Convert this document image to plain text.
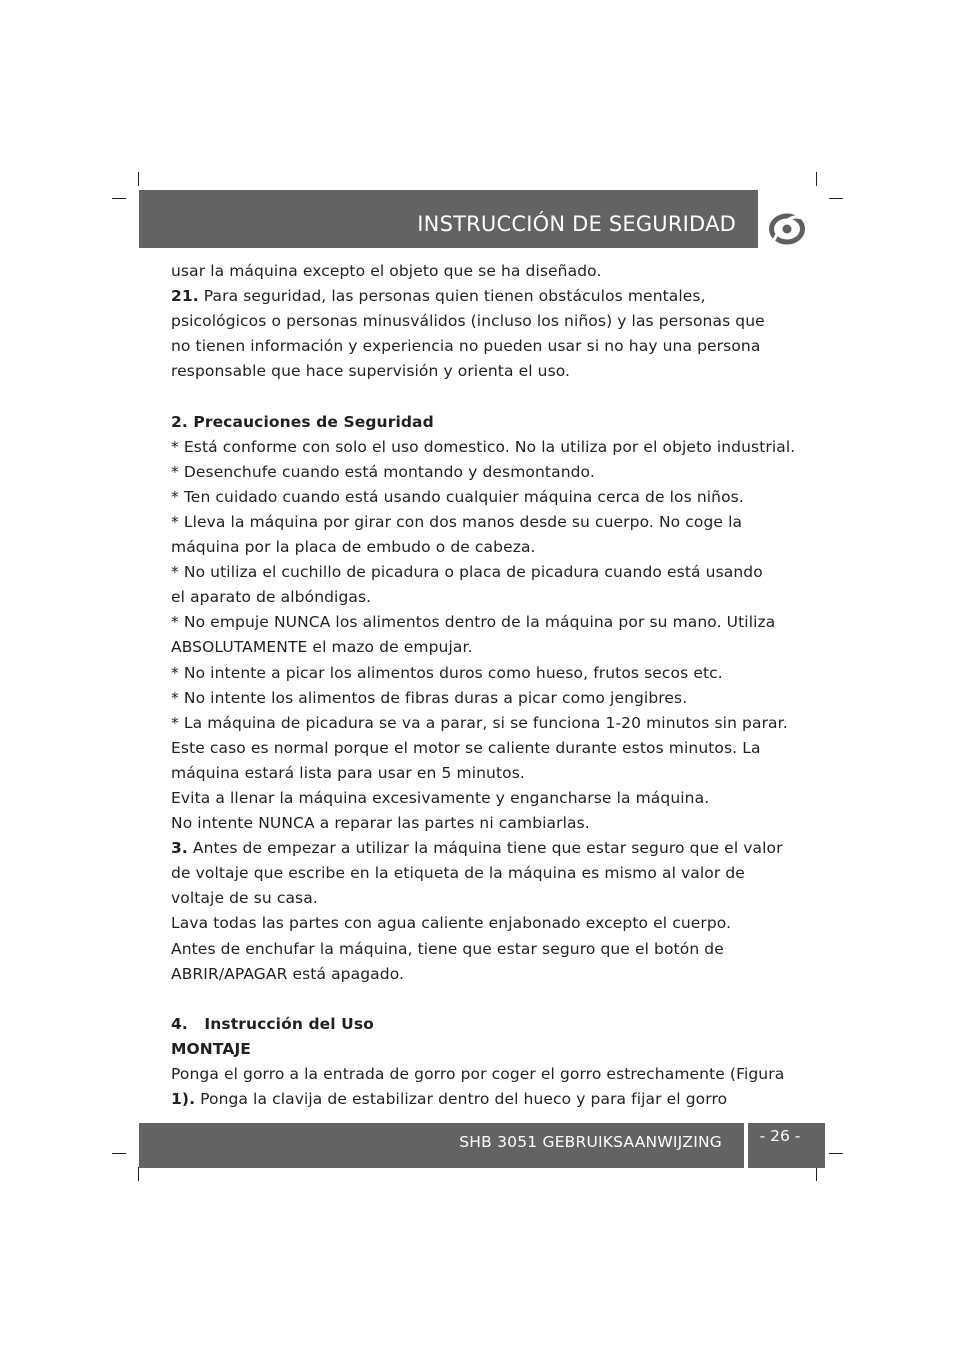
INSTRUCCIÓN DE SEGURIDAD

usar la máquina excepto el objeto que se ha diseñado.

21. Para seguridad, las personas quien tienen obstáculos mentales,

psicológicos o personas minusválidos (incluso los niños) y las personas que

no tienen información y experiencia no pueden usar si no hay una persona

responsable que hace supervisión y orienta el uso.

2. Precauciones de Seguridad

* Está conforme con solo el uso domestico. No la utiliza por el objeto industrial.

* Desenchufe cuando está montando y desmontando.

* Ten cuidado cuando está usando cualquier máquina cerca de los niños.

* Lleva la máquina por girar con dos manos desde su cuerpo. No coge la

máquina por la placa de embudo o de cabeza.

* No utiliza el cuchillo de picadura o placa de picadura cuando está usando

el aparato de albóndigas.

* No empuje NUNCA los alimentos dentro de la máquina por su mano. Utiliza

ABSOLUTAMENTE el mazo de empujar.

* No intente a picar los alimentos duros como hueso, frutos secos etc.

* No intente los alimentos de fibras duras a picar como jengibres.

* La máquina de picadura se va a parar, si se funciona 1-20 minutos sin parar.

Este caso es normal porque el motor se caliente durante estos minutos. La

máquina estará lista para usar en 5 minutos.

Evita a llenar la máquina excesivamente y engancharse la máquina.

No intente NUNCA a reparar las partes ni cambiarlas.

3. Antes de empezar a utilizar la máquina tiene que estar seguro que el valor

de voltaje que escribe en la etiqueta de la máquina es mismo al valor de

voltaje de su casa.

Lava todas las partes con agua caliente enjabonado excepto el cuerpo.

Antes de enchufar la máquina, tiene que estar seguro que el botón de

ABRIR/APAGAR está apagado.

4.   Instrucción del Uso

MONTAJE

Ponga el gorro a la entrada de gorro por coger el gorro estrechamente (Figura

1). Ponga la clavija de estabilizar dentro del hueco y para fijar el gorro

SHB 3051 GEBRUIKSAANWIJZING	- 26 -
